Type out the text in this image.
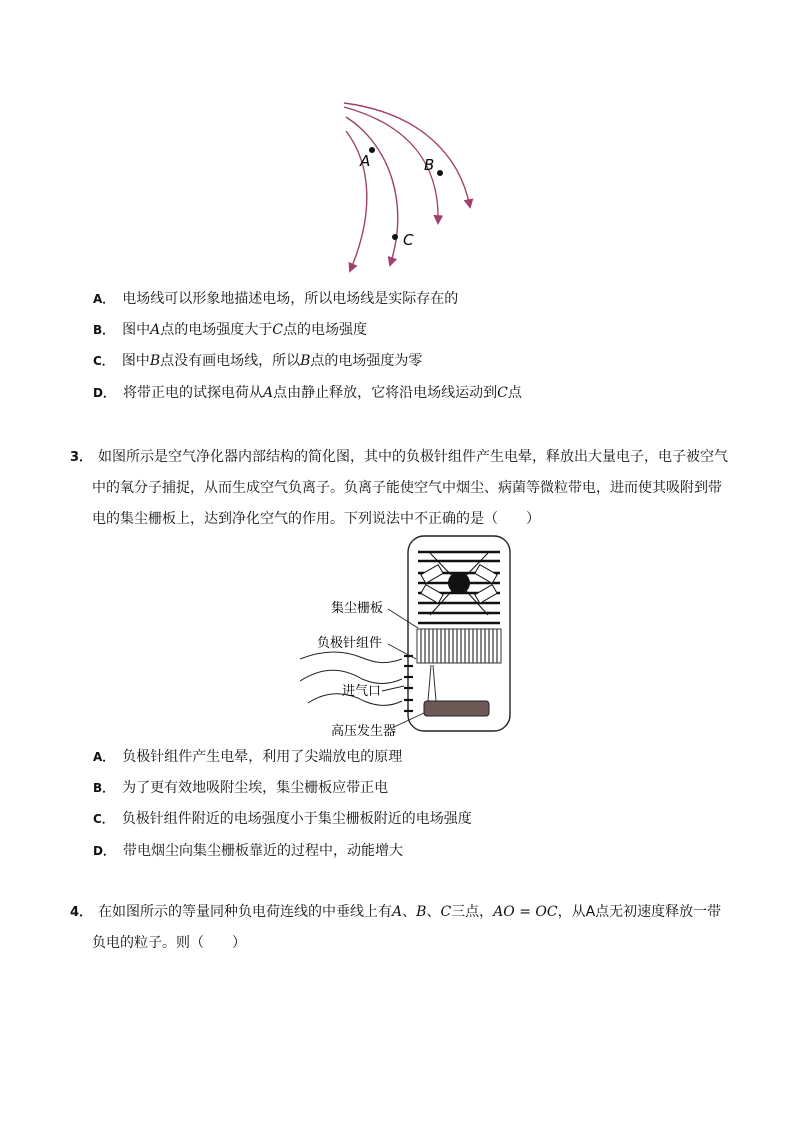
A	B
C
A． 电场线可以形象地描述电场，所以电场线是实际存在的
B． 图中A点的电场强度大于C点的电场强度
C． 图中B点没有画电场线，所以B点的电场强度为零
D． 将带正电的试探电荷从A点由静止释放，它将沿电场线运动到C点
3． 如图所示是空气净化器内部结构的简化图，其中的负极针组件产生电晕，释放出大量电子，电子被空气
中的氧分子捕捉，从而生成空气负离子。负离子能使空气中烟尘、病菌等微粒带电，进而使其吸附到带
电的集尘栅板上，达到净化空气的作用。下列说法中不正确的是（　　）
集尘栅板
负极针组件
进气口
高压发生器
A． 负极针组件产生电晕，利用了尖端放电的原理
B． 为了更有效地吸附尘埃，集尘栅板应带正电
C． 负极针组件附近的电场强度小于集尘栅板附近的电场强度
D． 带电烟尘向集尘栅板靠近的过程中，动能增大
4． 在如图所示的等量同种负电荷连线的中垂线上有A、B、C三点，AO = OC，从A点无初速度释放一带
负电的粒子。则（　　）
